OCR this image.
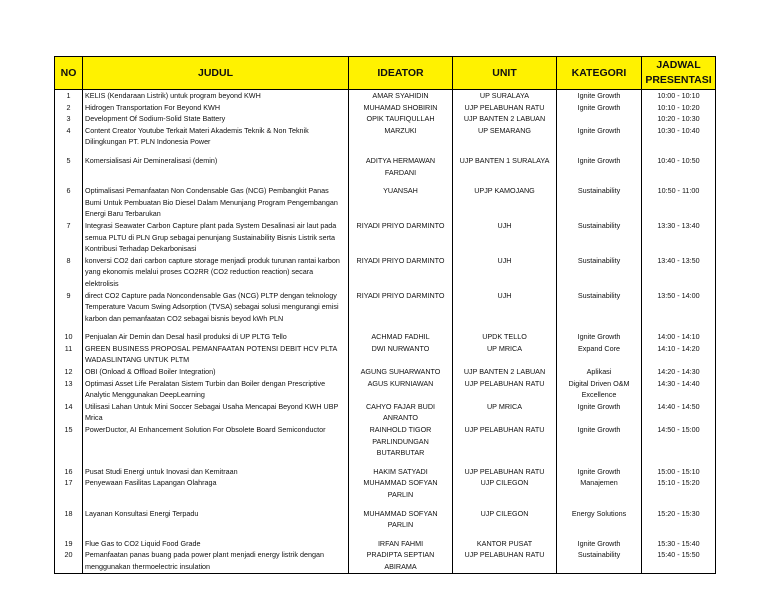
NO	JUDUL	IDEATOR	UNIT	KATEGORI	JADWAL PRESENTASI
1	KELIS (Kendaraan Listrik) untuk program beyond KWH	AMAR SYAHIDIN	UP SURALAYA	Ignite Growth	10:00 - 10:10
2	Hidrogen Transportation For Beyond KWH	MUHAMAD SHOBIRIN	UJP PELABUHAN RATU	Ignite Growth	10:10 - 10:20
3	Development Of Sodium-Solid State Battery	OPIK TAUFIQULLAH	UJP BANTEN 2 LABUAN		10:20 - 10:30
4	Content Creator Youtube Terkait Materi Akademis Teknik & Non Teknik Dilingkungan PT. PLN Indonesia Power	MARZUKI	UP SEMARANG	Ignite Growth	10:30 - 10:40

5	Komersialisasi Air Demineralisasi (demin)	ADITYA HERMAWAN FARDANI	UJP BANTEN 1 SURALAYA	Ignite Growth	10:40 - 10:50

6	Optimalisasi Pemanfaatan Non Condensable Gas (NCG) Pembangkit Panas Bumi Untuk Pembuatan Bio Diesel Dalam Menunjang Program Pengembangan Energi Baru Terbarukan	YUANSAH	UPJP KAMOJANG	Sustainability	10:50 - 11:00
7	Integrasi Seawater Carbon Capture plant pada System Desalinasi air laut pada semua PLTU di PLN Grup sebagai penunjang Sustainability Bisnis Listrik serta Kontribusi Terhadap Dekarbonisasi	RIYADI PRIYO DARMINTO	UJH	Sustainability	13:30 - 13:40
8	konversi CO2 dari carbon capture storage menjadi produk turunan rantai karbon yang ekonomis melalui proses CO2RR (CO2 reduction reaction) secara elektrolisis	RIYADI PRIYO DARMINTO	UJH	Sustainability	13:40 - 13:50
9	direct CO2 Capture pada Noncondensable Gas (NCG) PLTP dengan teknology Temperature Vacum Swing Adsorption (TVSA) sebagai solusi mengurangi emisi karbon dan pemanfaatan CO2 sebagai bisnis beyod kWh PLN	RIYADI PRIYO DARMINTO	UJH	Sustainability	13:50 - 14:00

10	Penjualan Air Demin dan Desal hasil produksi di UP PLTG Tello	ACHMAD FADHIL	UPDK TELLO	Ignite Growth	14:00 - 14:10
11	GREEN BUSINESS PROPOSAL PEMANFAATAN POTENSI DEBIT HCV PLTA WADASLINTANG UNTUK PLTM	DWI NURWANTO	UP MRICA	Expand Core	14:10 - 14:20
12	OBI (Onload & Offload Boiler Integration)	AGUNG SUHARWANTO	UJP BANTEN 2 LABUAN	Aplikasi	14:20 - 14:30
13	Optimasi Asset Life Peralatan Sistem Turbin dan Boiler dengan Prescriptive Analytic Menggunakan DeepLearning	AGUS KURNIAWAN	UJP PELABUHAN RATU	Digital Driven O&M Excellence	14:30 - 14:40
14	Utilisasi Lahan Untuk Mini Soccer Sebagai Usaha Mencapai Beyond KWH UBP Mrica	CAHYO FAJAR BUDI ANRANTO	UP MRICA	Ignite Growth	14:40 - 14:50
15	PowerDuctor, AI Enhancement Solution For Obsolete Board Semiconductor	RAINHOLD TIGOR PARLINDUNGAN BUTARBUTAR	UJP PELABUHAN RATU	Ignite Growth	14:50 - 15:00

16	Pusat Studi Energi untuk Inovasi dan Kemitraan	HAKIM SATYADI	UJP PELABUHAN RATU	Ignite Growth	15:00 - 15:10
17	Penyewaan Fasilitas Lapangan Olahraga	MUHAMMAD SOFYAN PARLIN	UJP CILEGON	Manajemen	15:10 - 15:20

18	Layanan Konsultasi Energi Terpadu	MUHAMMAD SOFYAN PARLIN	UJP CILEGON	Energy Solutions	15:20 - 15:30

19	Flue Gas to CO2 Liquid Food Grade	IRFAN FAHMI	KANTOR PUSAT	Ignite Growth	15:30 - 15:40
20	Pemanfaatan panas buang pada power plant menjadi energy listrik dengan menggunakan thermoelectric insulation	PRADIPTA SEPTIAN ABIRAMA	UJP PELABUHAN RATU	Sustainability	15:40 - 15:50
